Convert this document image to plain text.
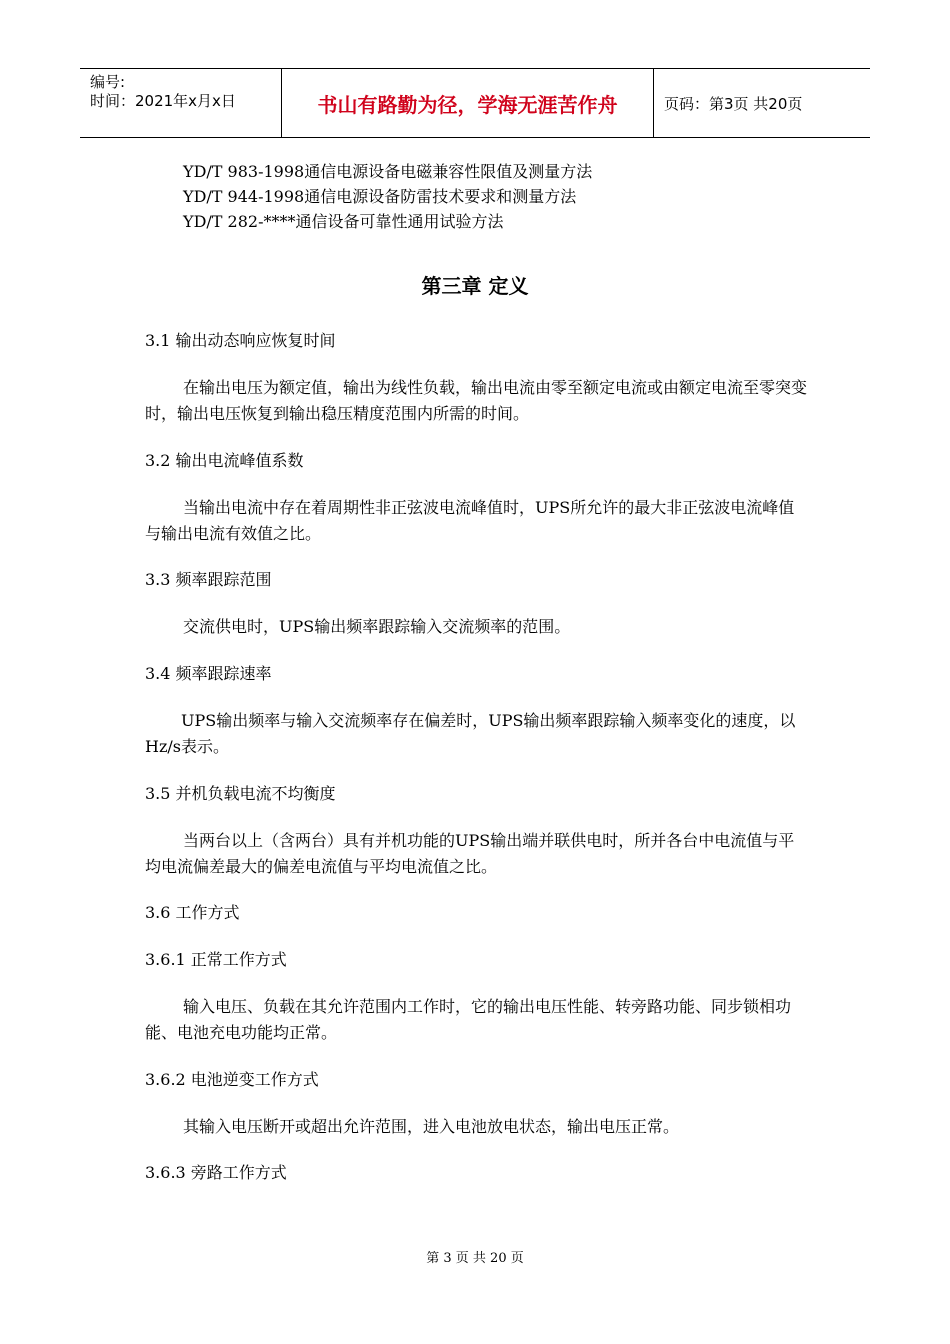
编号:
时间：2021年x月x日	书山有路勤为径，学海无涯苦作舟	页码：第3页 共20页
YD/T 983-1998通信电源设备电磁兼容性限值及测量方法
YD/T 944-1998通信电源设备防雷技术要求和测量方法
YD/T 282-****通信设备可靠性通用试验方法
第三章 定义
3.1 输出动态响应恢复时间
在输出电压为额定值，输出为线性负载，输出电流由零至额定电流或由额定电流至零突变时，输出电压恢复到输出稳压精度范围内所需的时间。
3.2 输出电流峰值系数
当输出电流中存在着周期性非正弦波电流峰值时，UPS所允许的最大非正弦波电流峰值与输出电流有效值之比。
3.3 频率跟踪范围
交流供电时，UPS输出频率跟踪输入交流频率的范围。
3.4 频率跟踪速率
UPS输出频率与输入交流频率存在偏差时，UPS输出频率跟踪输入频率变化的速度，以Hz/s表示。
3.5 并机负载电流不均衡度
当两台以上（含两台）具有并机功能的UPS输出端并联供电时，所并各台中电流值与平均电流偏差最大的偏差电流值与平均电流值之比。
3.6 工作方式
3.6.1 正常工作方式
输入电压、负载在其允许范围内工作时，它的输出电压性能、转旁路功能、同步锁相功能、电池充电功能均正常。
3.6.2 电池逆变工作方式
其输入电压断开或超出允许范围，进入电池放电状态，输出电压正常。
3.6.3 旁路工作方式
第 3 页 共 20 页
